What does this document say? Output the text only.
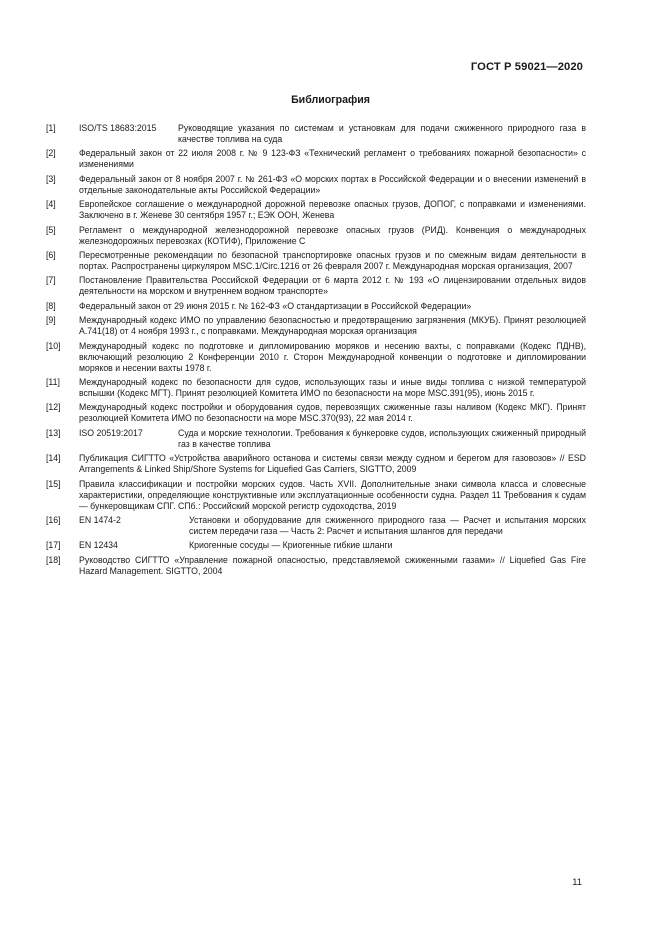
ГОСТ Р 59021—2020
Библиография
[1]	ISO/TS 18683:2015	Руководящие указания по системам и установкам для подачи сжиженного природного газа в качестве топлива на суда
[2]	Федеральный закон от 22 июля 2008 г. № 9 123-ФЗ «Технический регламент о требованиях пожарной безопасности» с изменениями
[3]	Федеральный закон от 8 ноября 2007 г. № 261-ФЗ «О морских портах в Российской Федерации и о внесении изменений в отдельные законодательные акты Российской Федерации»
[4]	Европейское соглашение о международной дорожной перевозке опасных грузов, ДОПОГ, с поправками и изменениями. Заключено в г. Женеве 30 сентября 1957 г.; ЕЭК ООН, Женева
[5]	Регламент о международной железнодорожной перевозке опасных грузов (РИД). Конвенция о международных железнодорожных перевозках (КОТИФ), Приложение С
[6]	Пересмотренные рекомендации по безопасной транспортировке опасных грузов и по смежным видам деятельности в портах. Распространены циркуляром MSC.1/Circ.1216 от 26 февраля 2007 г. Международная морская организация, 2007
[7]	Постановление Правительства Российской Федерации от 6 марта 2012 г. № 193 «О лицензировании отдельных видов деятельности на морском и внутреннем водном транспорте»
[8]	Федеральный закон от 29 июня 2015 г. № 162-ФЗ «О стандартизации в Российской Федерации»
[9]	Международный кодекс ИМО по управлению безопасностью и предотвращению загрязнения (МКУБ). Принят резолюцией А.741(18) от 4 ноября 1993 г., с поправками. Международная морская организация
[10]	Международный кодекс по подготовке и дипломированию моряков и несению вахты, с поправками (Кодекс ПДНВ), включающий резолюцию 2 Конференции 2010 г. Сторон Международной конвенции о подготовке и дипломировании моряков и несении вахты 1978 г.
[11]	Международный кодекс по безопасности для судов, использующих газы и иные виды топлива с низкой температурой вспышки (Кодекс МГТ). Принят резолюцией Комитета ИМО по безопасности на море MSC.391(95), июнь 2015 г.
[12]	Международный кодекс постройки и оборудования судов, перевозящих сжиженные газы наливом (Кодекс МКГ). Принят резолюцией Комитета ИМО по безопасности на море MSC.370(93), 22 мая 2014 г.
[13]	ISO 20519:2017	Суда и морские технологии. Требования к бункеровке судов, использующих сжиженный природный газ в качестве топлива
[14]	Публикация СИГТТО «Устройства аварийного останова и системы связи между судном и берегом для газовозов» // ESD Arrangements & Linked Ship/Shore Systems for Liquefied Gas Carriers, SIGTTO, 2009
[15]	Правила классификации и постройки морских судов. Часть XVII. Дополнительные знаки символа класса и словесные характеристики, определяющие конструктивные или эксплуатационные особенности судна. Раздел 11 Требования к судам — бункеровщикам СПГ. СПб.: Российский морской регистр судоходства, 2019
[16]	EN 1474-2	Установки и оборудование для сжиженного природного газа — Расчет и испытания морских систем передачи газа — Часть 2: Расчет и испытания шлангов для передачи
[17]	EN 12434	Криогенные сосуды — Криогенные гибкие шланги
[18]	Руководство СИГТТО «Управление пожарной опасностью, представляемой сжиженными газами» // Liquefied Gas Fire Hazard Management. SIGTTO, 2004
11
